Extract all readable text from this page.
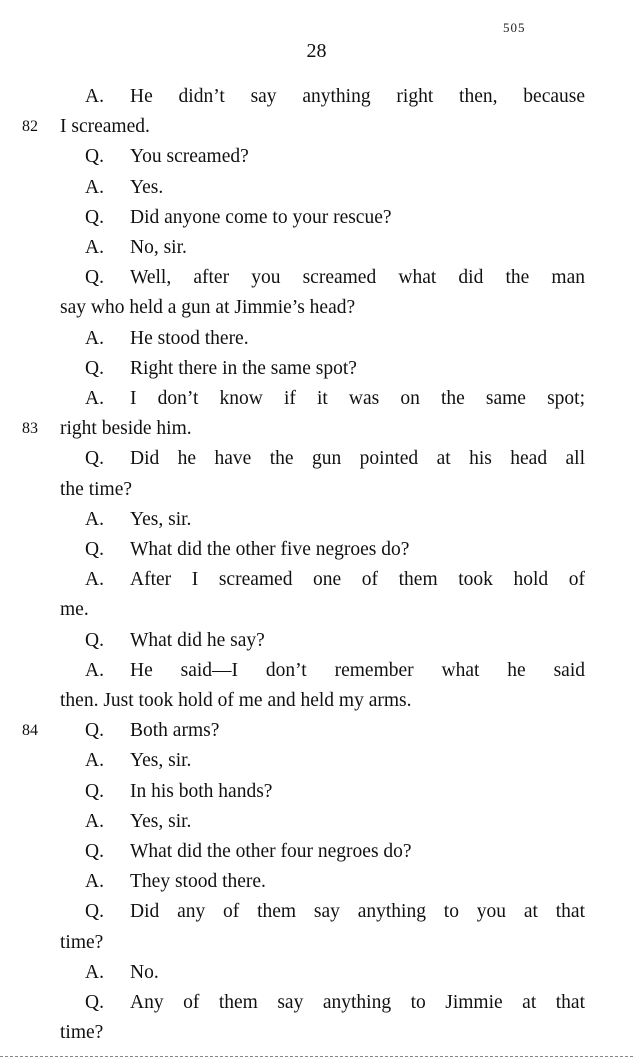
505
28
A.	He didn’t say anything right then, because
82 I screamed.
Q.	You screamed?
A.	Yes.
Q.	Did anyone come to your rescue?
A.	No, sir.
Q.	Well, after you screamed what did the man
say who held a gun at Jimmie’s head?
A.	He stood there.
Q.	Right there in the same spot?
A.	I don’t know if it was on the same spot;
83 right beside him.
Q.	Did he have the gun pointed at his head all
the time?
A.	Yes, sir.
Q.	What did the other five negroes do?
A.	After I screamed one of them took hold of
me.
Q.	What did he say?
A.	He said—I don’t remember what he said
then. Just took hold of me and held my arms.
84 Q.	Both arms?
A.	Yes, sir.
Q.	In his both hands?
A.	Yes, sir.
Q.	What did the other four negroes do?
A.	They stood there.
Q.	Did any of them say anything to you at that
time?
A.	No.
Q.	Any of them say anything to Jimmie at that
time?
